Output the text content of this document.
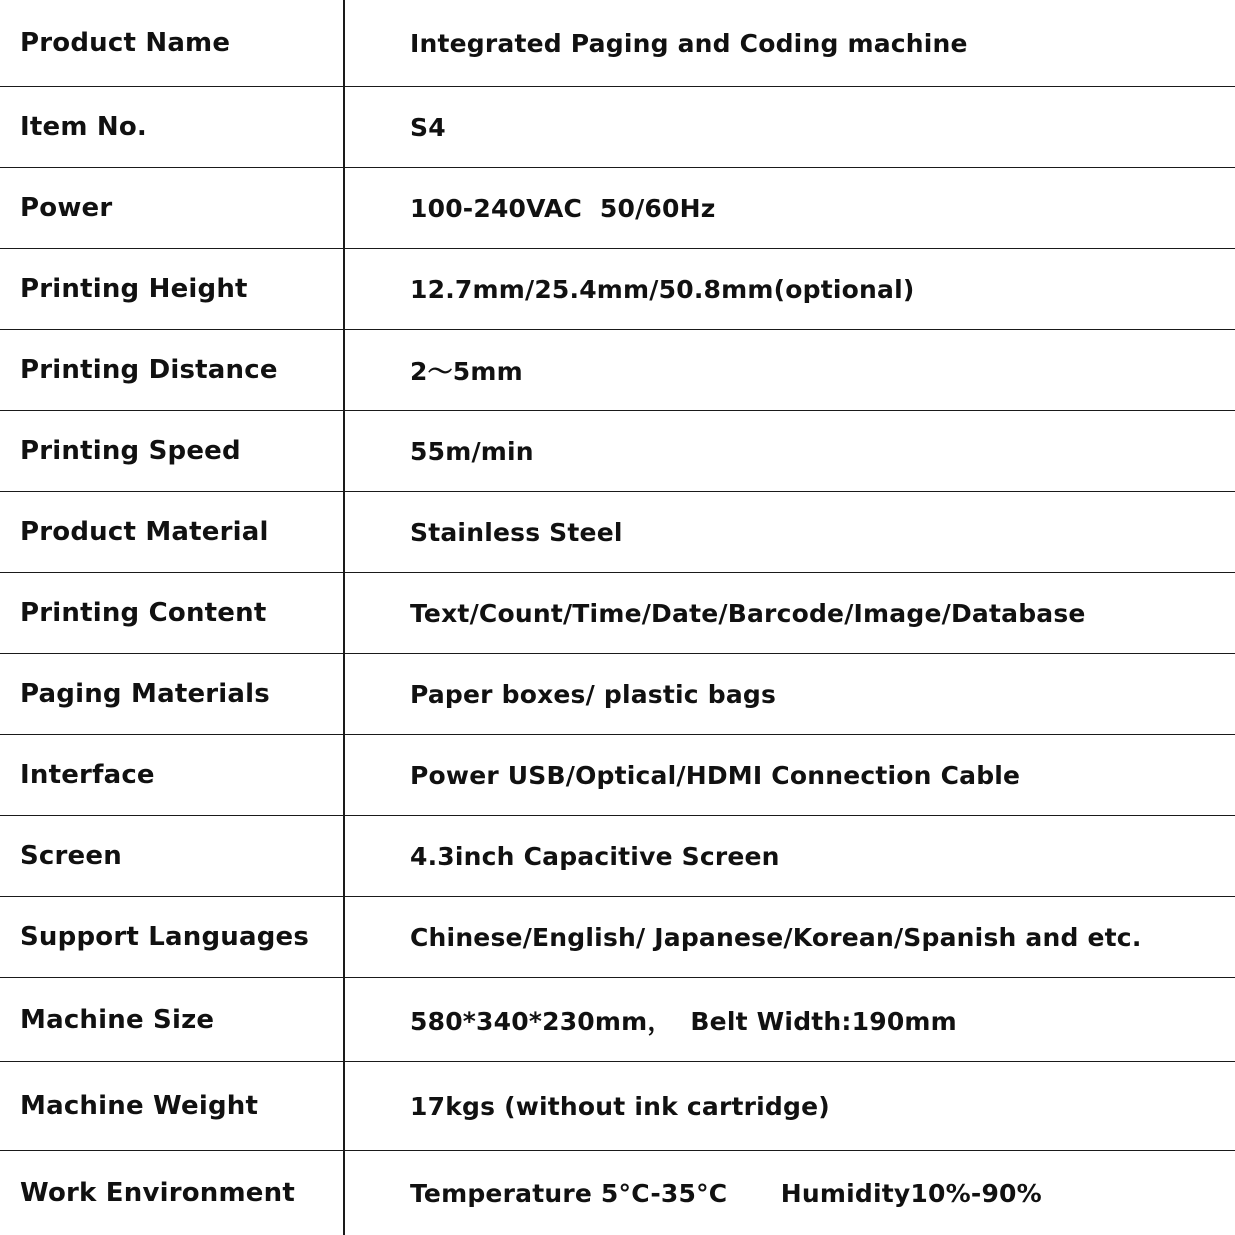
Product Name	Integrated Paging and Coding machine
Item No.	S4
Power	100-240VAC  50/60Hz
Printing Height	12.7mm/25.4mm/50.8mm(optional)
Printing Distance	2～5mm
Printing Speed	55m/min
Product Material	Stainless Steel
Printing Content	Text/Count/Time/Date/Barcode/Image/Database
Paging Materials	Paper boxes/ plastic bags
Interface	Power USB/Optical/HDMI Connection Cable
Screen	4.3inch Capacitive Screen
Support Languages	Chinese/English/ Japanese/Korean/Spanish and etc.
Machine Size	580*340*230mm，  Belt Width:190mm
Machine Weight	17kgs (without ink cartridge)
Work Environment	Temperature 5°C-35°C      Humidity10%-90%
